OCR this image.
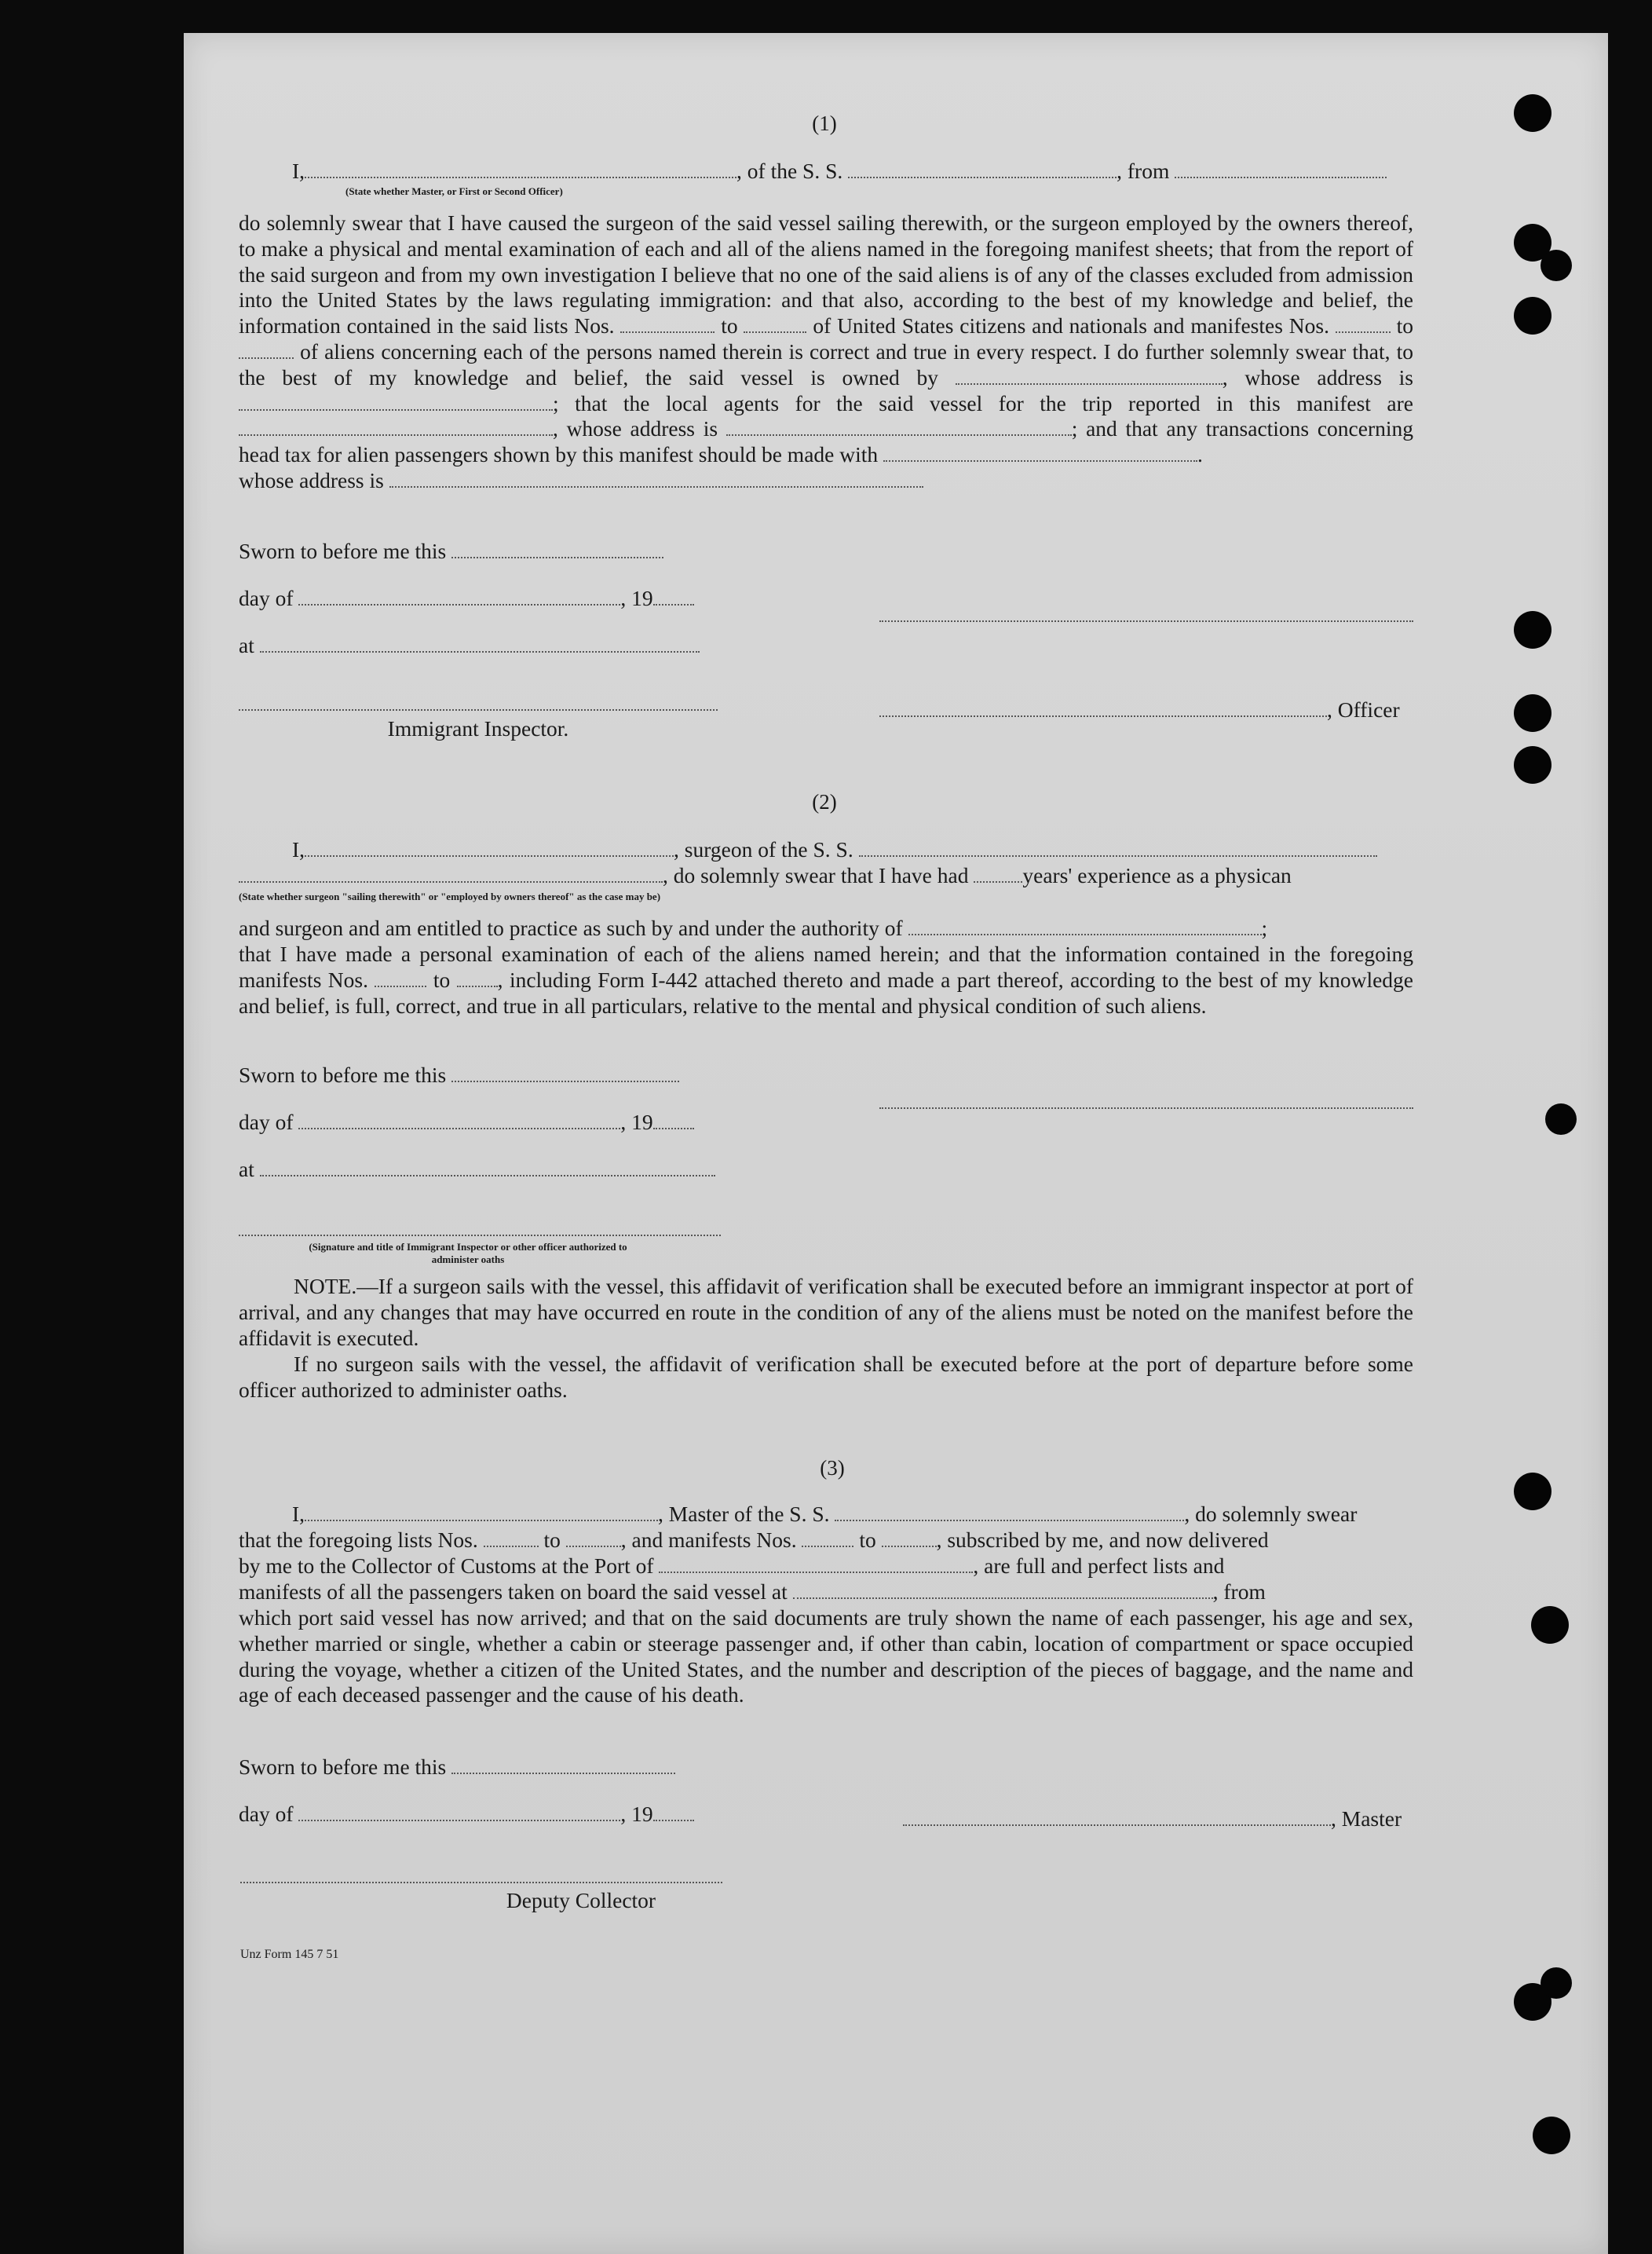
(1)
I,	, of the S. S.	, from
(State whether Master, or First or Second Officer)
do solemnly swear that I have caused the surgeon of the said vessel sailing therewith, or the surgeon employed by the owners thereof, to make a physical and mental examination of each and all of the aliens named in the foregoing manifest sheets; that from the report of the said surgeon and from my own investigation I believe that no one of the said aliens is of any of the classes excluded from admission into the United States by the laws regulating immigration: and that also, according to the best of my knowledge and belief, the information contained in the said lists Nos.	to	of United States citizens and nationals and manifestes Nos.	to  of aliens concerning each of the persons named therein is correct and true in every respect. I do further solemnly swear that, to the best of my knowledge and belief, the said vessel is owned by	, whose address is ; that the local agents for the said vessel for the trip reported in this manifest are , whose address is	; and that any transactions concerning head tax for alien passengers shown by this manifest should be made with	.
whose address is
Sworn to before me this
day of	, 19
at
, Officer
Immigrant Inspector.
(2)
I,	, surgeon of the S. S.
, do solemnly swear that I have had	years' experience as a physican
(State whether surgeon "sailing therewith" or "employed by owners thereof" as the case may be)
and surgeon and am entitled to practice as such by and under the authority of	;
that I have made a personal examination of each of the aliens named herein; and that the information contained in the foregoing manifests Nos.	to , including Form I-442 attached thereto and made a part thereof, according to the best of my knowledge and belief, is full, correct, and true in all particulars, relative to the mental and physical condition of such aliens.
Sworn to before me this
day of	, 19
at
(Signature and title of Immigrant Inspector or other officer authorized to administer oaths
NOTE.—If a surgeon sails with the vessel, this affidavit of verification shall be executed before an immigrant inspector at port of arrival, and any changes that may have occurred en route in the condition of any of the aliens must be noted on the manifest before the affidavit is executed.
If no surgeon sails with the vessel, the affidavit of verification shall be executed before at the port of departure before some officer authorized to administer oaths.
(3)
I,	, Master of the S. S.	, do solemnly swear
that the foregoing lists Nos.	to	, and manifests Nos.	to	, subscribed by me, and now delivered
by me to the Collector of Customs at the Port of	, are full and perfect lists and
manifests of all the passengers taken on board the said vessel at	, from
which port said vessel has now arrived; and that on the said documents are truly shown the name of each passenger, his age and sex, whether married or single, whether a cabin or steerage passenger and, if other than cabin, location of compartment or space occupied during the voyage, whether a citizen of the United States, and the number and description of the pieces of baggage, and the name and age of each deceased passenger and the cause of his death.
Sworn to before me this
day of	, 19	, Master
Deputy Collector
Unz Form 145 7 51
